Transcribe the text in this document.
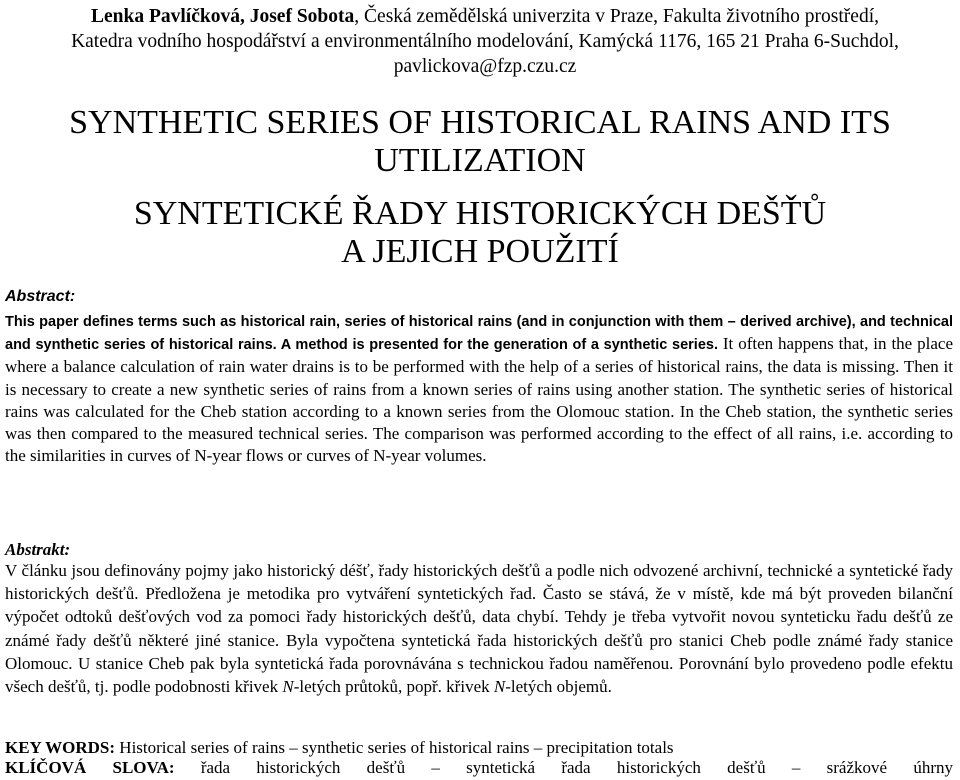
Lenka Pavlíčková, Josef Sobota, Česká zemědělská univerzita v Praze, Fakulta životního prostředí, Katedra vodního hospodářství a environmentálního modelování, Kamýcká 1176, 165 21 Praha 6-Suchdol, pavlickova@fzp.czu.cz
SYNTHETIC SERIES OF HISTORICAL RAINS AND ITS
UTILIZATION
SYNTETICKÉ ŘADY HISTORICKÝCH DEŠŤŮ
A JEJICH POUŽITÍ
Abstract:

This paper defines terms such as historical rain, series of historical rains (and in conjunction with them – derived archive), and technical and synthetic series of historical rains. A method is presented for the generation of a synthetic series. It often happens that, in the place where a balance calculation of rain water drains is to be performed with the help of a series of historical rains, the data is missing. Then it is necessary to create a new synthetic series of rains from a known series of rains using another station. The synthetic series of historical rains was calculated for the Cheb station according to a known series from the Olomouc station. In the Cheb station, the synthetic series was then compared to the measured technical series. The comparison was performed according to the effect of all rains, i.e. according to the similarities in curves of N-year flows or curves of N-year volumes.

Abstrakt:

V článku jsou definovány pojmy jako historický déšť, řady historických dešťů a podle nich odvozené archivní, technické a syntetické řady historických dešťů. Předložena je metodika pro vytváření syntetických řad. Často se stává, že v místě, kde má být proveden bilanční výpočet odtoků dešťových vod za pomoci řady historických dešťů, data chybí. Tehdy je třeba vytvořit novou synteticku řadu dešťů ze známé řady dešťů některé jiné stanice. Byla vypočtena syntetická řada historických dešťů pro stanici Cheb podle známé řady stanice Olomouc. U stanice Cheb pak byla syntetická řada porovnávána s technickou řadou naměřenou. Porovnání bylo provedeno podle efektu všech dešťů, tj. podle podobnosti křivek N-letých průtoků, popř. křivek N-letých objemů.

KEY WORDS: Historical series of rains – synthetic series of historical rains – precipitation totals

KLÍČOVÁ SLOVA: řada historických dešťů – syntetická řada historických dešťů – srážkové úhrny
